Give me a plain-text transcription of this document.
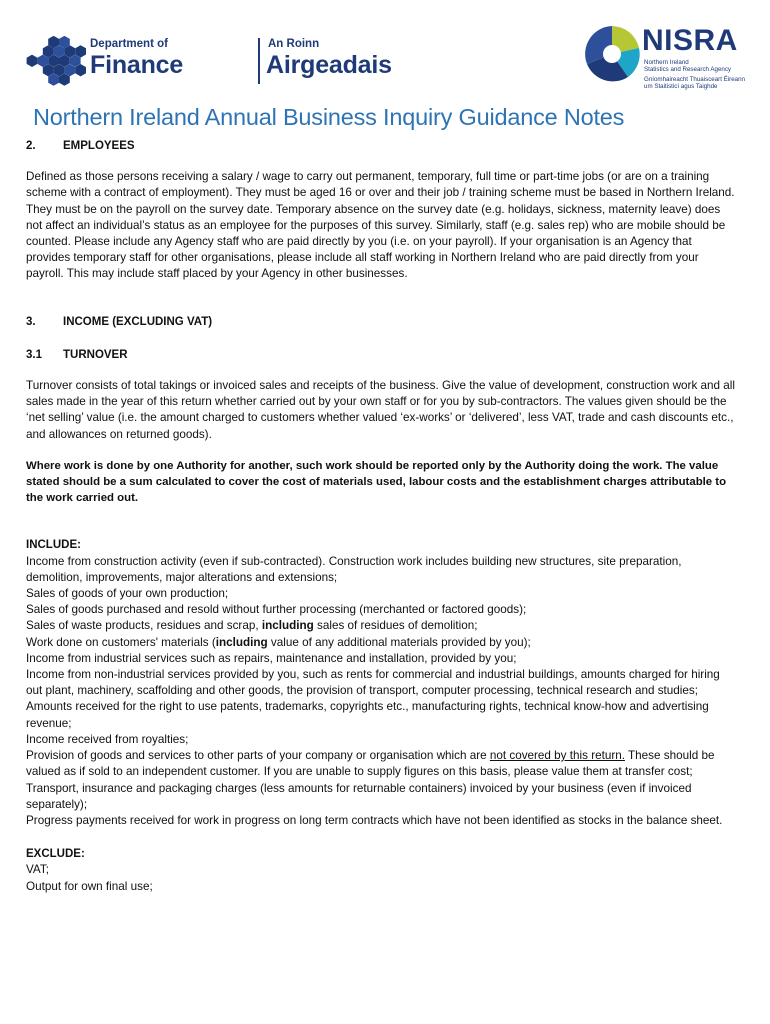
Department of
Finance
An Roinn
Airgeadais
NISRA
Northern Ireland
Statistics and Research Agency
Gníomhaireacht Thuaisceart Éireann
um Staitisticí agus Taighde
Northern Ireland Annual Business Inquiry Guidance Notes
2. EMPLOYEES

Defined as those persons receiving a salary / wage to carry out permanent, temporary, full time or part-time jobs (or are on a training scheme with a contract of employment). They must be aged 16 or over and their job / training scheme must be based in Northern Ireland. They must be on the payroll on the survey date. Temporary absence on the survey date (e.g. holidays, sickness, maternity leave) does not affect an individual’s status as an employee for the purposes of this survey. Similarly, staff (e.g. sales rep) who are mobile should be counted. Please include any Agency staff who are paid directly by you (i.e. on your payroll). If your organisation is an Agency that provides temporary staff for other organisations, please include all staff working in Northern Ireland who are paid directly from your payroll. This may include staff placed by your Agency in other businesses.

3. INCOME (EXCLUDING VAT)
3.1 TURNOVER

Turnover consists of total takings or invoiced sales and receipts of the business. Give the value of development, construction work and all sales made in the year of this return whether carried out by your own staff or for you by sub-contractors. The values given should be the ‘net selling’ value (i.e. the amount charged to customers whether valued ‘ex-works’ or ‘delivered’, less VAT, trade and cash discounts etc., and allowances on returned goods).

Where work is done by one Authority for another, such work should be reported only by the Authority doing the work. The value stated should be a sum calculated to cover the cost of materials used, labour costs and the establishment charges attributable to the work carried out.

INCLUDE:

Income from construction activity (even if sub-contracted). Construction work includes building new structures, site preparation, demolition, improvements, major alterations and extensions;

Sales of goods of your own production;

Sales of goods purchased and resold without further processing (merchanted or factored goods);

Sales of waste products, residues and scrap, including sales of residues of demolition;

Work done on customers' materials (including value of any additional materials provided by you);

Income from industrial services such as repairs, maintenance and installation, provided by you;

Income from non-industrial services provided by you, such as rents for commercial and industrial buildings, amounts charged for hiring out plant, machinery, scaffolding and other goods, the provision of transport, computer processing, technical research and studies;

Amounts received for the right to use patents, trademarks, copyrights etc., manufacturing rights, technical know-how and advertising revenue;

Income received from royalties;

Provision of goods and services to other parts of your company or organisation which are not covered by this return. These should be valued as if sold to an independent customer. If you are unable to supply figures on this basis, please value them at transfer cost;

Transport, insurance and packaging charges (less amounts for returnable containers) invoiced by your business (even if invoiced separately);

Progress payments received for work in progress on long term contracts which have not been identified as stocks in the balance sheet.

EXCLUDE:

VAT;

Output for own final use;
